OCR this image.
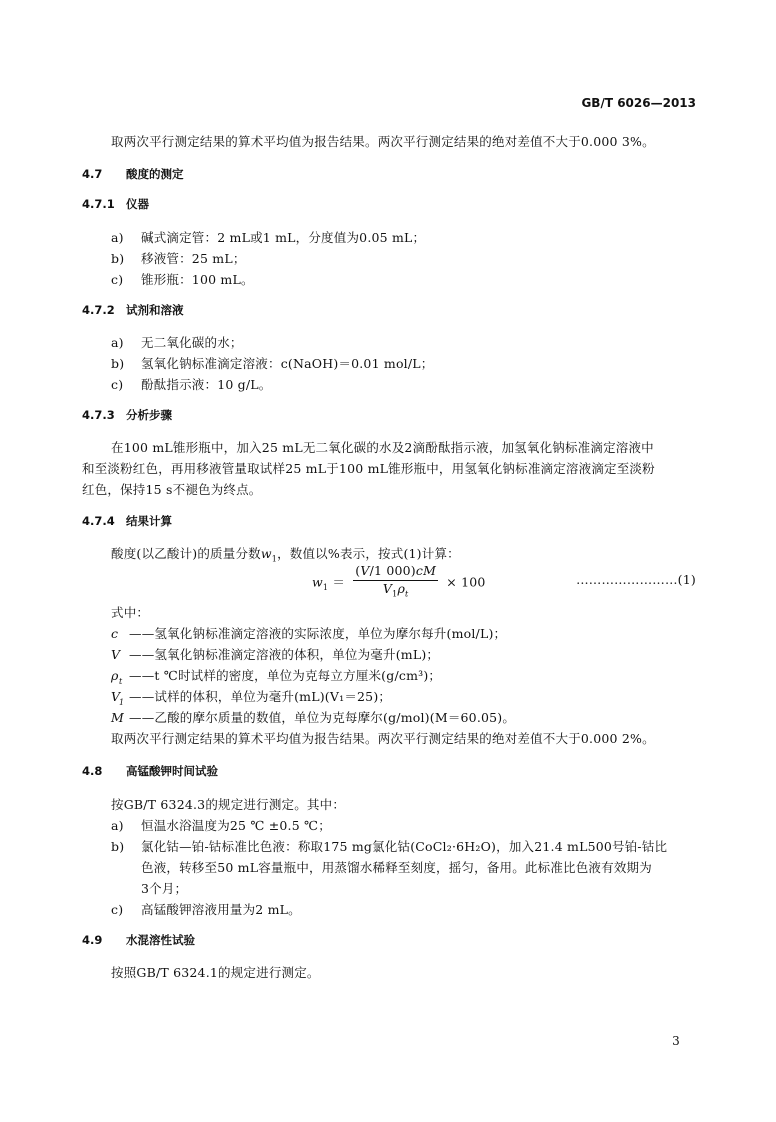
GB/T 6026—2013
取两次平行测定结果的算术平均值为报告结果。两次平行测定结果的绝对差值不大于0.000 3%。
4.7 酸度的测定
4.7.1 仪器
a) 碱式滴定管：2 mL或1 mL，分度值为0.05 mL；
b) 移液管：25 mL；
c) 锥形瓶：100 mL。
4.7.2 试剂和溶液
a) 无二氧化碳的水；
b) 氢氧化钠标准滴定溶液：c(NaOH)＝0.01 mol/L；
c) 酚酞指示液：10 g/L。
4.7.3 分析步骤
在100 mL锥形瓶中，加入25 mL无二氧化碳的水及2滴酚酞指示液，加氢氧化钠标准滴定溶液中
和至淡粉红色，再用移液管量取试样25 mL于100 mL锥形瓶中，用氢氧化钠标准滴定溶液滴定至淡粉
红色，保持15 s不褪色为终点。
4.7.4 结果计算
酸度(以乙酸计)的质量分数$w_1$，数值以%表示，按式(1)计算：
$w_1 = \frac{(V/1 000)cM}{V_1\rho_t} \times 100$	……………………(1)
式中：
c ——氢氧化钠标准滴定溶液的实际浓度，单位为摩尔每升(mol/L)；
V ——氢氧化钠标准滴定溶液的体积，单位为毫升(mL)；
$\rho_t$ ——t ℃时试样的密度，单位为克每立方厘米(g/cm³)；
$V_1$ ——试样的体积，单位为毫升(mL)(V₁＝25)；
M ——乙酸的摩尔质量的数值，单位为克每摩尔(g/mol)(M＝60.05)。
取两次平行测定结果的算术平均值为报告结果。两次平行测定结果的绝对差值不大于0.000 2%。
4.8 高锰酸钾时间试验
按GB/T 6324.3的规定进行测定。其中：
a) 恒温水浴温度为25 ℃ ±0.5 ℃；
b) 氯化钴—铂-钴标准比色液：称取175 mg氯化钴(CoCl₂·6H₂O)，加入21.4 mL500号铂-钴比
色液，转移至50 mL容量瓶中，用蒸馏水稀释至刻度，摇匀，备用。此标准比色液有效期为
3个月；
c) 高锰酸钾溶液用量为2 mL。
4.9 水混溶性试验
按照GB/T 6324.1的规定进行测定。
3
